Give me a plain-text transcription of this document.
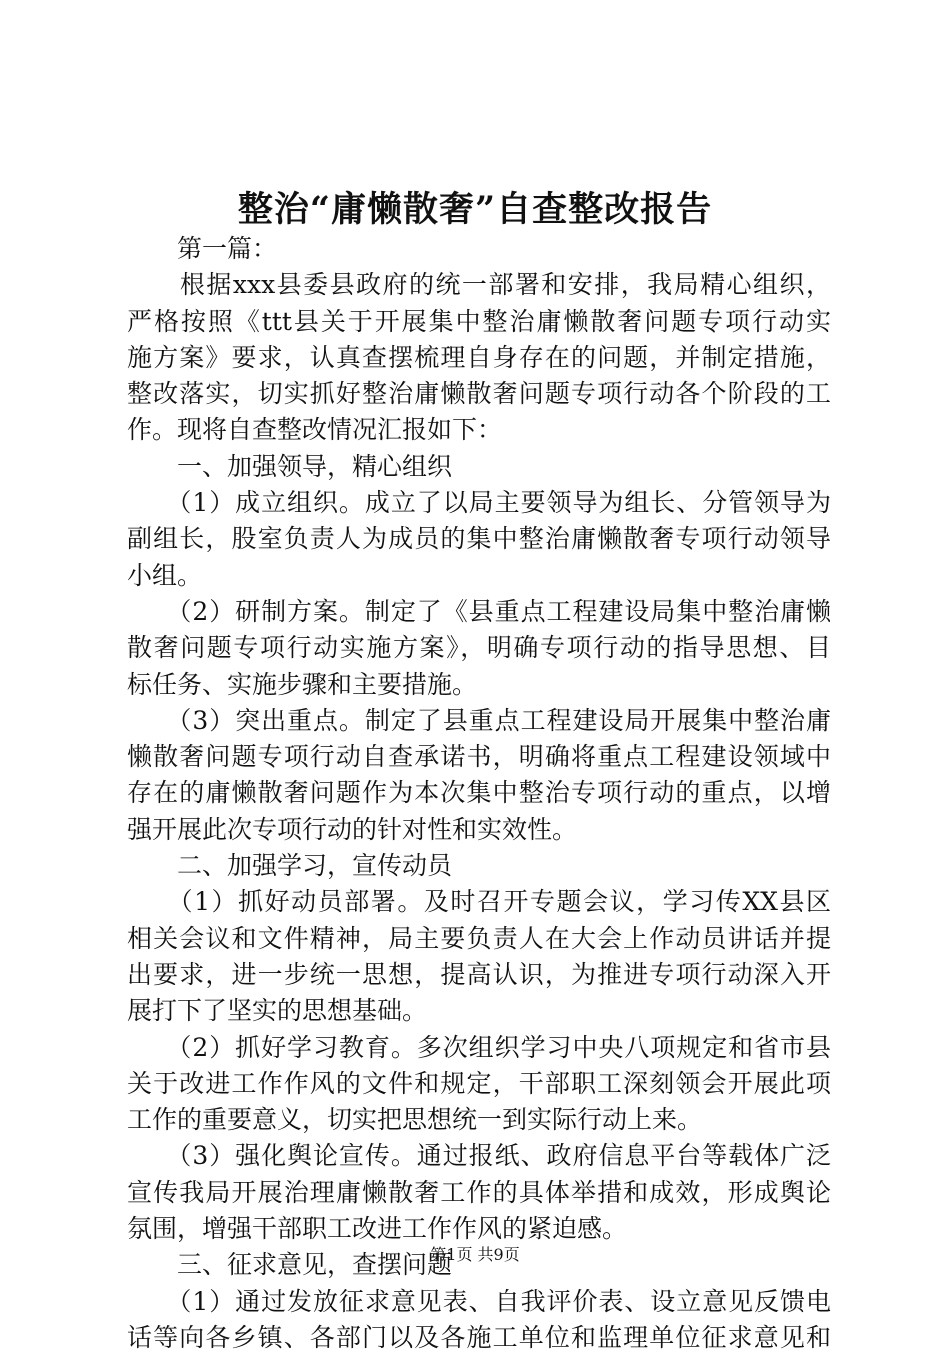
整治“庸懒散奢”自查整改报告
　　第一篇：
　　根据xxx县委县政府的统一部署和安排，我局精心组织，
严格按照《ttt县关于开展集中整治庸懒散奢问题专项行动实
施方案》要求，认真查摆梳理自身存在的问题，并制定措施，
整改落实，切实抓好整治庸懒散奢问题专项行动各个阶段的工
作。现将自查整改情况汇报如下：
　　一、加强领导，精心组织
　　（1）成立组织。成立了以局主要领导为组长、分管领导为
副组长，股室负责人为成员的集中整治庸懒散奢专项行动领导
小组。
　　（2）研制方案。制定了《县重点工程建设局集中整治庸懒
散奢问题专项行动实施方案》，明确专项行动的指导思想、目
标任务、实施步骤和主要措施。
　　（3）突出重点。制定了县重点工程建设局开展集中整治庸
懒散奢问题专项行动自查承诺书，明确将重点工程建设领域中
存在的庸懒散奢问题作为本次集中整治专项行动的重点，以增
强开展此次专项行动的针对性和实效性。
　　二、加强学习，宣传动员
　　（1）抓好动员部署。及时召开专题会议，学习传XX县区
相关会议和文件精神，局主要负责人在大会上作动员讲话并提
出要求，进一步统一思想，提高认识，为推进专项行动深入开
展打下了坚实的思想基础。
　　（2）抓好学习教育。多次组织学习中央八项规定和省市县
关于改进工作作风的文件和规定，干部职工深刻领会开展此项
工作的重要意义，切实把思想统一到实际行动上来。
　　（3）强化舆论宣传。通过报纸、政府信息平台等载体广泛
宣传我局开展治理庸懒散奢工作的具体举措和成效，形成舆论
氛围，增强干部职工改进工作作风的紧迫感。
　　三、征求意见，查摆问题
　　（1）通过发放征求意见表、自我评价表、设立意见反馈电
话等向各乡镇、各部门以及各施工单位和监理单位征求意见和
第1页 共9页
